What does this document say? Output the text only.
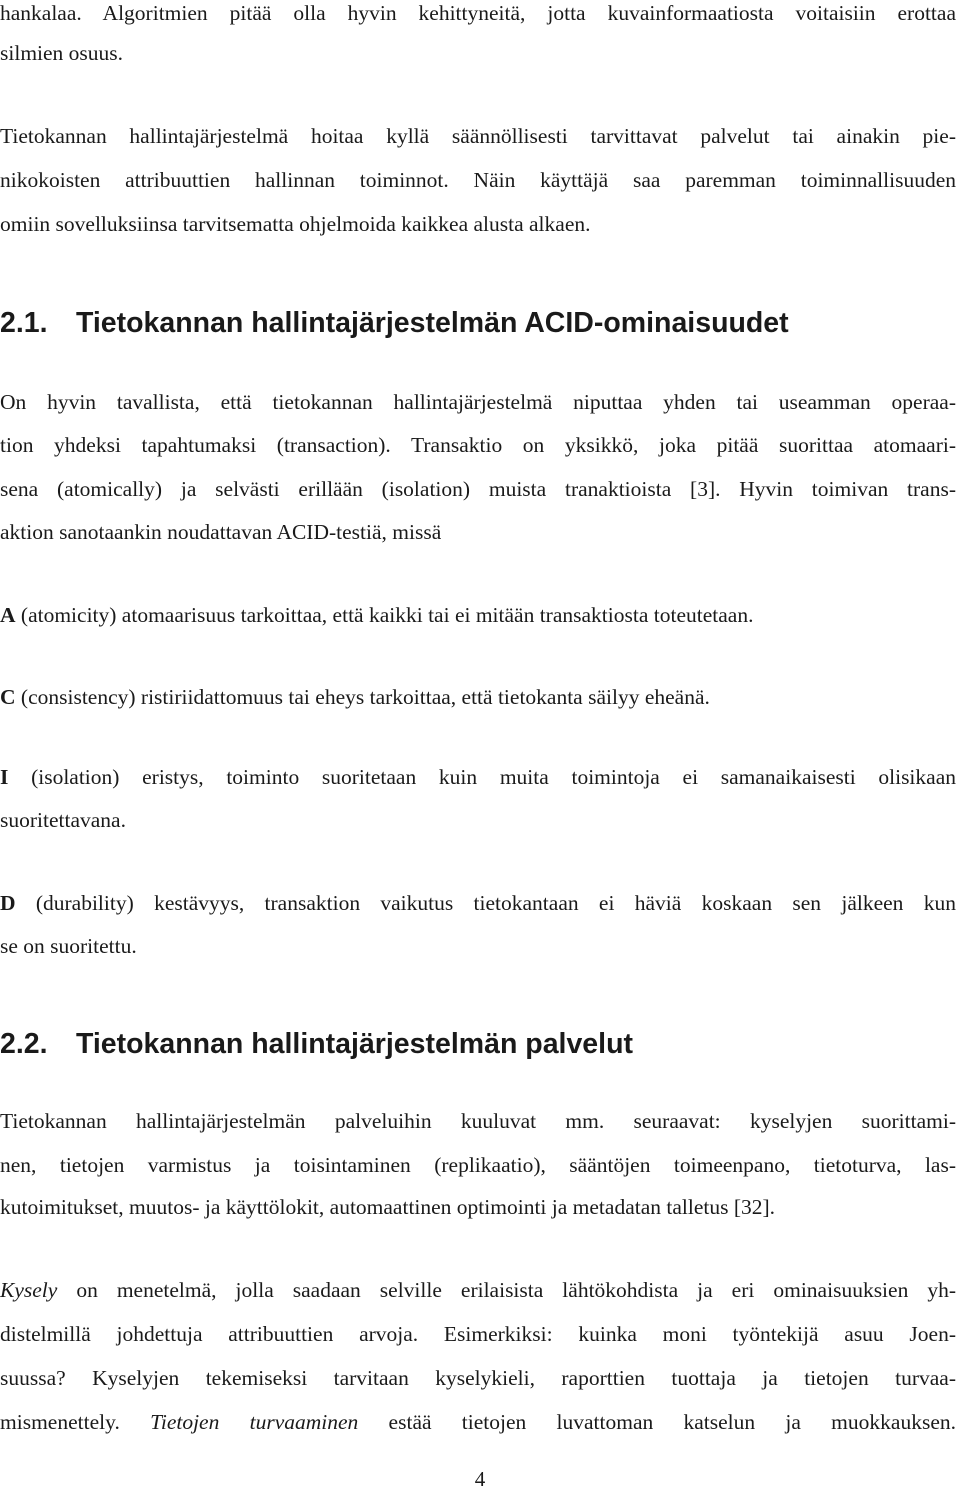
hankalaa. Algoritmien pitää olla hyvin kehittyneitä, jotta kuvainformaatiosta voitaisiin erottaa
silmien osuus.
Tietokannan hallintajärjestelmä hoitaa kyllä säännöllisesti tarvittavat palvelut tai ainakin pie-
nikokoisten attribuuttien hallinnan toiminnot. Näin käyttäjä saa paremman toiminnallisuuden
omiin sovelluksiinsa tarvitsematta ohjelmoida kaikkea alusta alkaen.
2.1. Tietokannan hallintajärjestelmän ACID-ominaisuudet
On hyvin tavallista, että tietokannan hallintajärjestelmä niputtaa yhden tai useamman operaa-
tion yhdeksi tapahtumaksi (transaction). Transaktio on yksikkö, joka pitää suorittaa atomaari-
sena (atomically) ja selvästi erillään (isolation) muista tranaktioista [3]. Hyvin toimivan trans-
aktion sanotaankin noudattavan ACID-testiä, missä
A (atomicity) atomaarisuus tarkoittaa, että kaikki tai ei mitään transaktiosta toteutetaan.
C (consistency) ristiriidattomuus tai eheys tarkoittaa, että tietokanta säilyy eheänä.
I (isolation) eristys, toiminto suoritetaan kuin muita toimintoja ei samanaikaisesti olisikaan
suoritettavana.
D (durability) kestävyys, transaktion vaikutus tietokantaan ei häviä koskaan sen jälkeen kun
se on suoritettu.
2.2. Tietokannan hallintajärjestelmän palvelut
Tietokannan hallintajärjestelmän palveluihin kuuluvat mm. seuraavat: kyselyjen suorittami-
nen, tietojen varmistus ja toisintaminen (replikaatio), sääntöjen toimeenpano, tietoturva, las-
kutoimitukset, muutos- ja käyttölokit, automaattinen optimointi ja metadatan talletus [32].
Kysely on menetelmä, jolla saadaan selville erilaisista lähtökohdista ja eri ominaisuuksien yh-
distelmillä johdettuja attribuuttien arvoja. Esimerkiksi: kuinka moni työntekijä asuu Joen-
suussa? Kyselyjen tekemiseksi tarvitaan kyselykieli, raporttien tuottaja ja tietojen turvaa-
mismenettely. Tietojen turvaaminen estää tietojen luvattoman katselun ja muokkauksen.
4
